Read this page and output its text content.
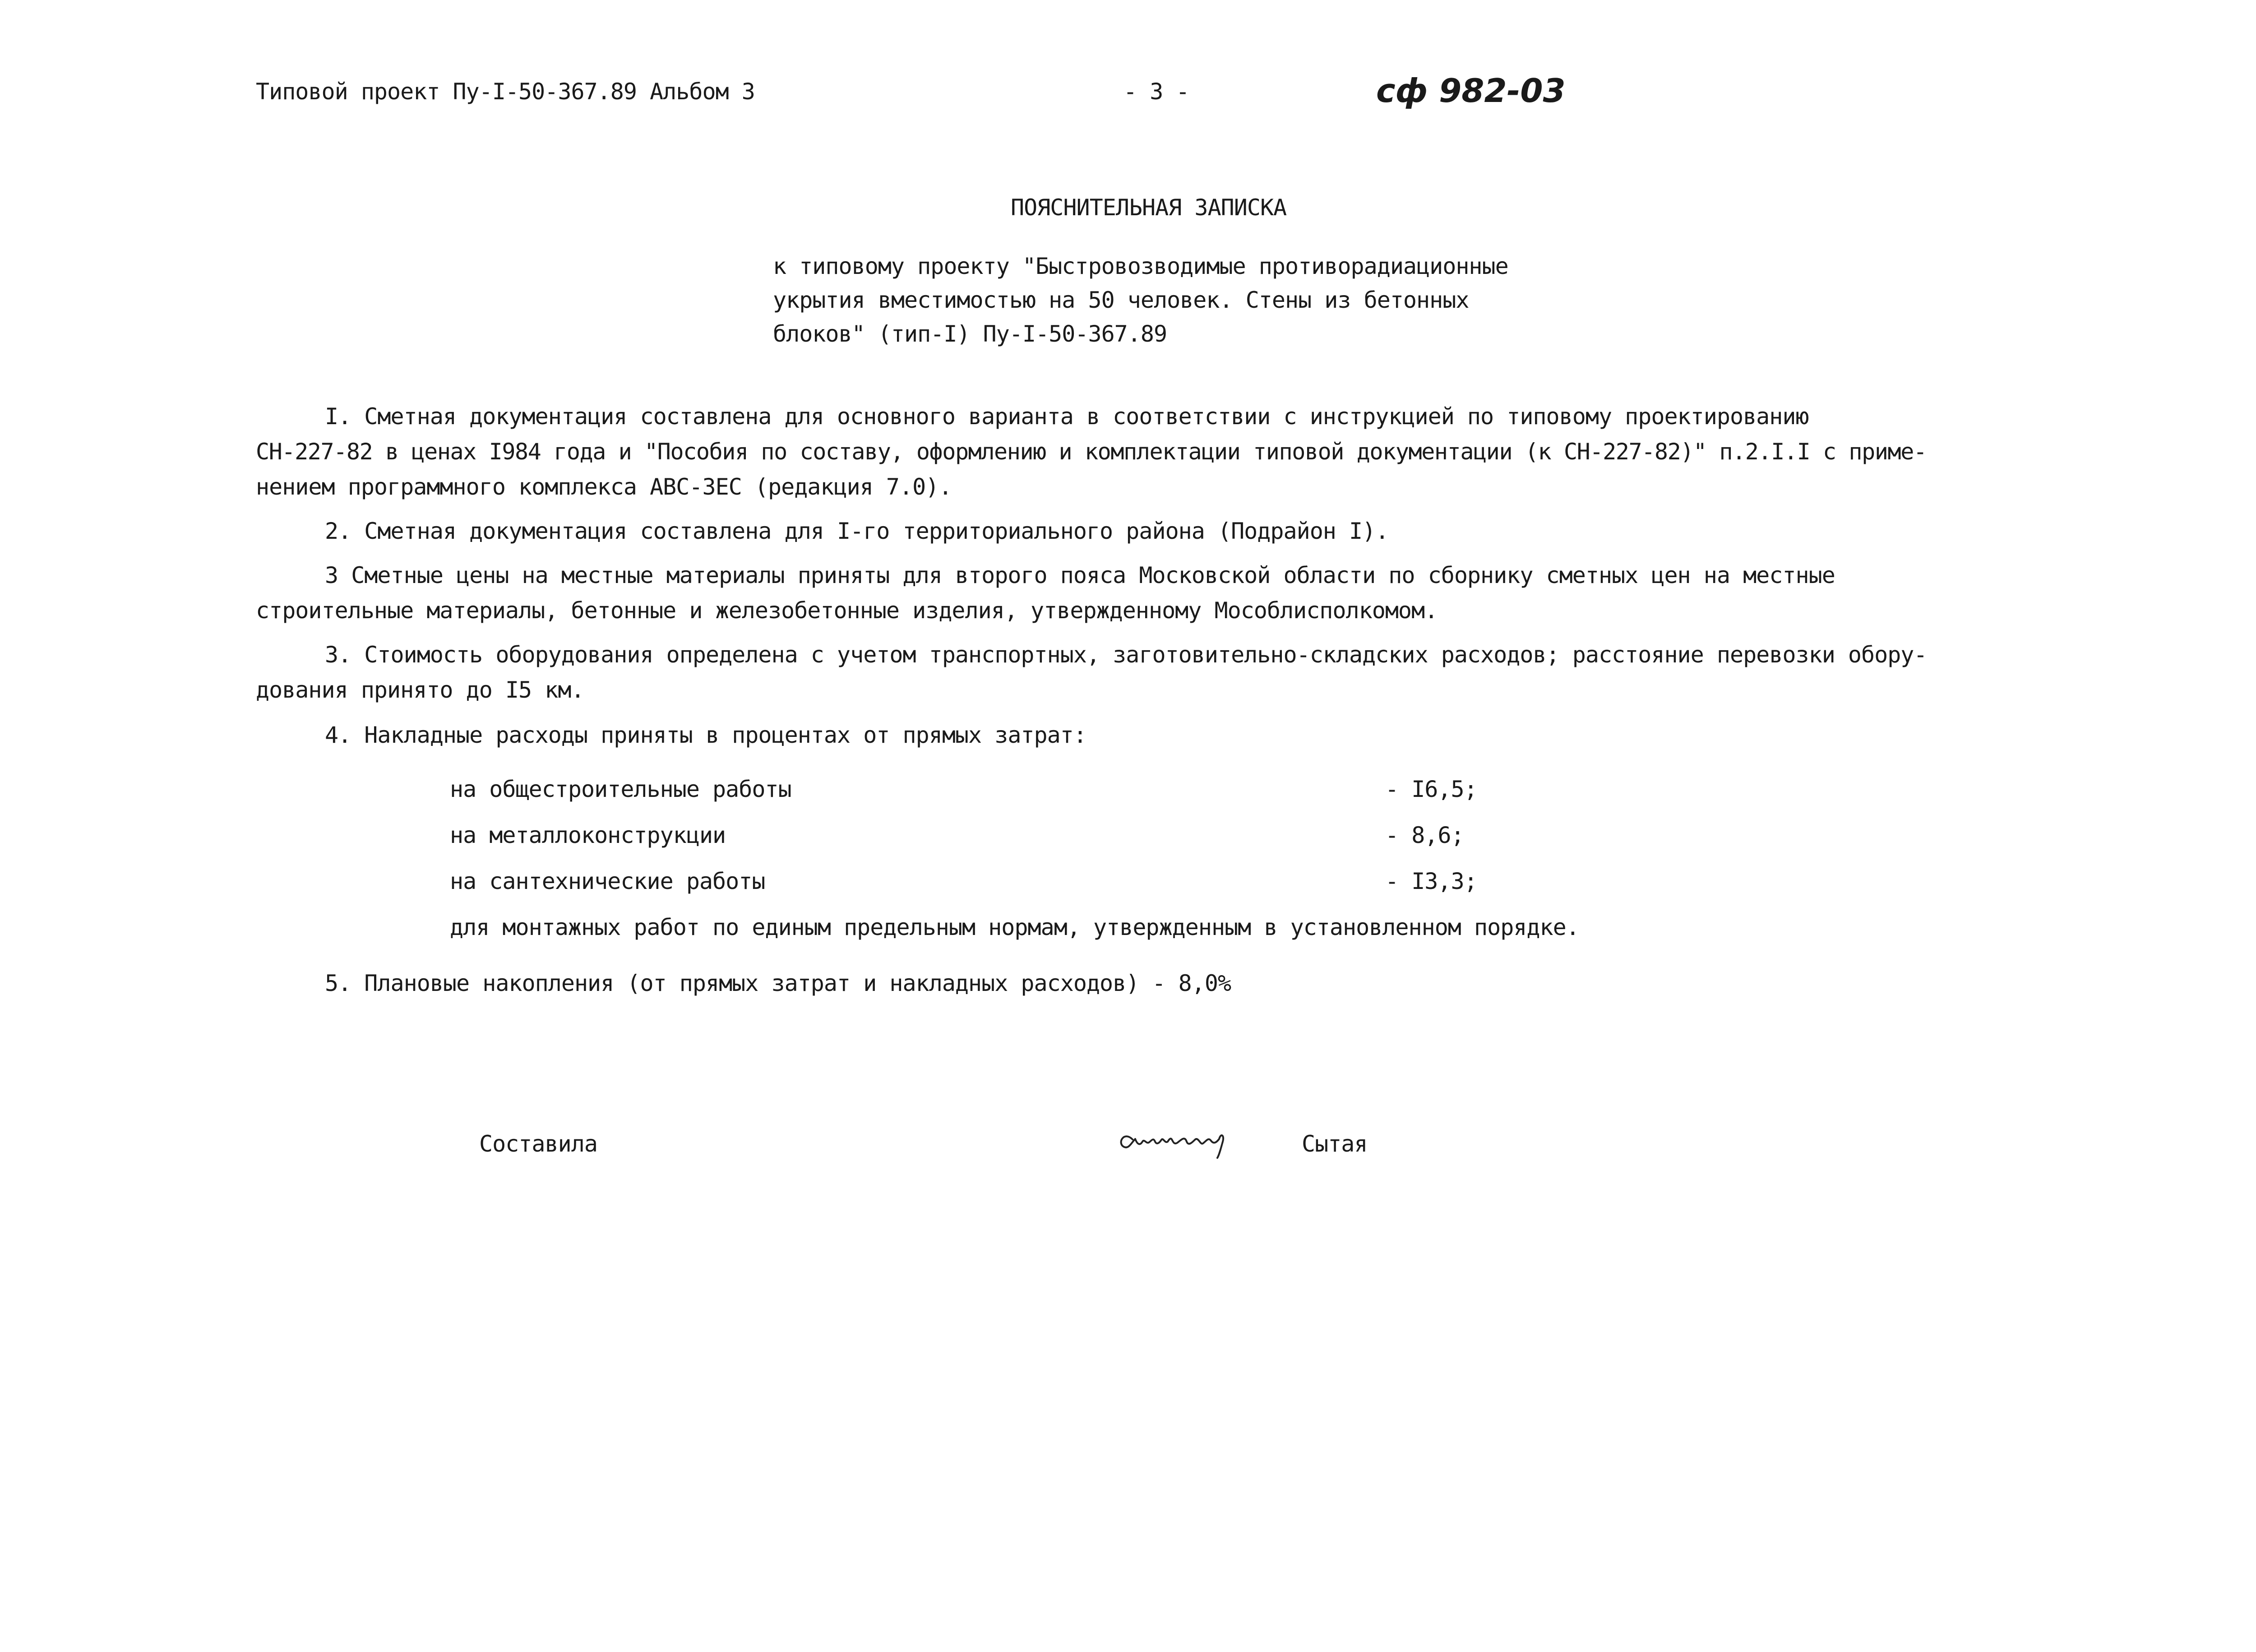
Типовой проект Пу-I-50-367.89 Альбом 3	- 3 -	сф 982-03
ПОЯСНИТЕЛЬНАЯ ЗАПИСКА
к типовому проекту "Быстровозводимые противорадиационные
укрытия вместимостью на 50 человек. Стены из бетонных
блоков" (тип-I) Пу-I-50-367.89
I. Сметная документация составлена для основного варианта в соответствии с инструкцией по типовому проектированию
СН-227-82 в ценах I984 года и "Пособия по составу, оформлению и комплектации типовой документации (к СН-227-82)" п.2.I.I с приме-
нением программного комплекса АВС-3ЕС (редакция 7.0).
2. Сметная документация составлена для I-го территориального района (Подрайон I).
3 Сметные цены на местные материалы приняты для второго пояса Московской области по сборнику сметных цен на местные
строительные материалы, бетонные и железобетонные изделия, утвержденному Мособлисполкомом.
3. Стоимость оборудования определена с учетом транспортных, заготовительно-складских расходов; расстояние перевозки обору-
дования принято до I5 км.
4. Накладные расходы приняты в процентах от прямых затрат:
на общестроительные работы	- I6,5;
на металлоконструкции	- 8,6;
на сантехнические работы	- I3,3;
для монтажных работ по единым предельным нормам, утвержденным в установленном порядке.
5. Плановые накопления (от прямых затрат и накладных расходов) - 8,0%
Составила	Сытая
